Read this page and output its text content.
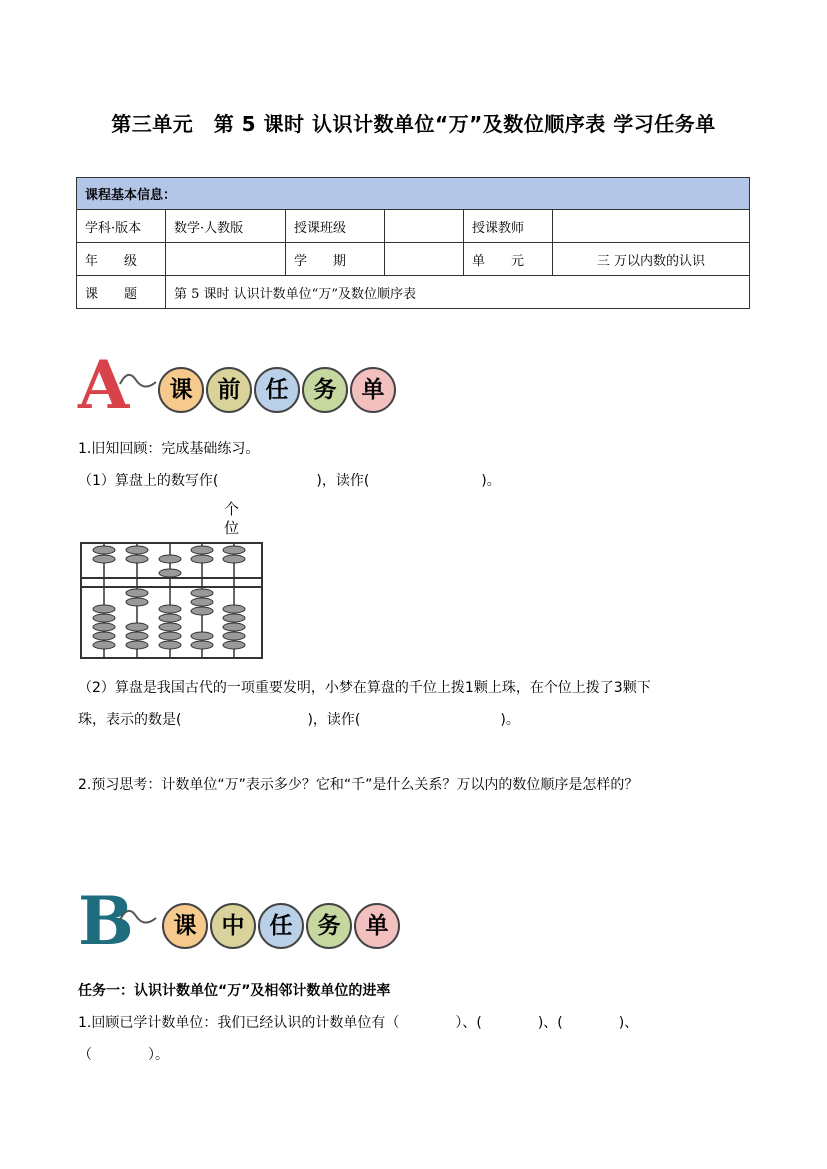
第三单元　第 5 课时 认识计数单位“万”及数位顺序表 学习任务单
课程基本信息：					
学科·版本	数学·人教版	授课班级		授课教师	
年　　级		学　　期		单　　元	三 万以内数的认识
课　　题	第 5 课时 认识计数单位“万”及数位顺序表				
A	课	前	任	务	单
1.旧知回顾：完成基础练习。
（1）算盘上的数写作(　　　　　　　)，读作(　　　　　　　　)。
个
位
（2）算盘是我国古代的一项重要发明，小梦在算盘的千位上拨1颗上珠，在个位上拨了3颗下
珠，表示的数是(　　　　　　　　　)，读作(　　　　　　　　　　)。
2.预习思考：计数单位“万”表示多少？它和“千”是什么关系？万以内的数位顺序是怎样的？
B	课	中	任	务	单
任务一：认识计数单位“万”及相邻计数单位的进率
1.回顾已学计数单位：我们已经认识的计数单位有（　　　　）、(　　　　)、(　　　　)、
（　　　　）。
